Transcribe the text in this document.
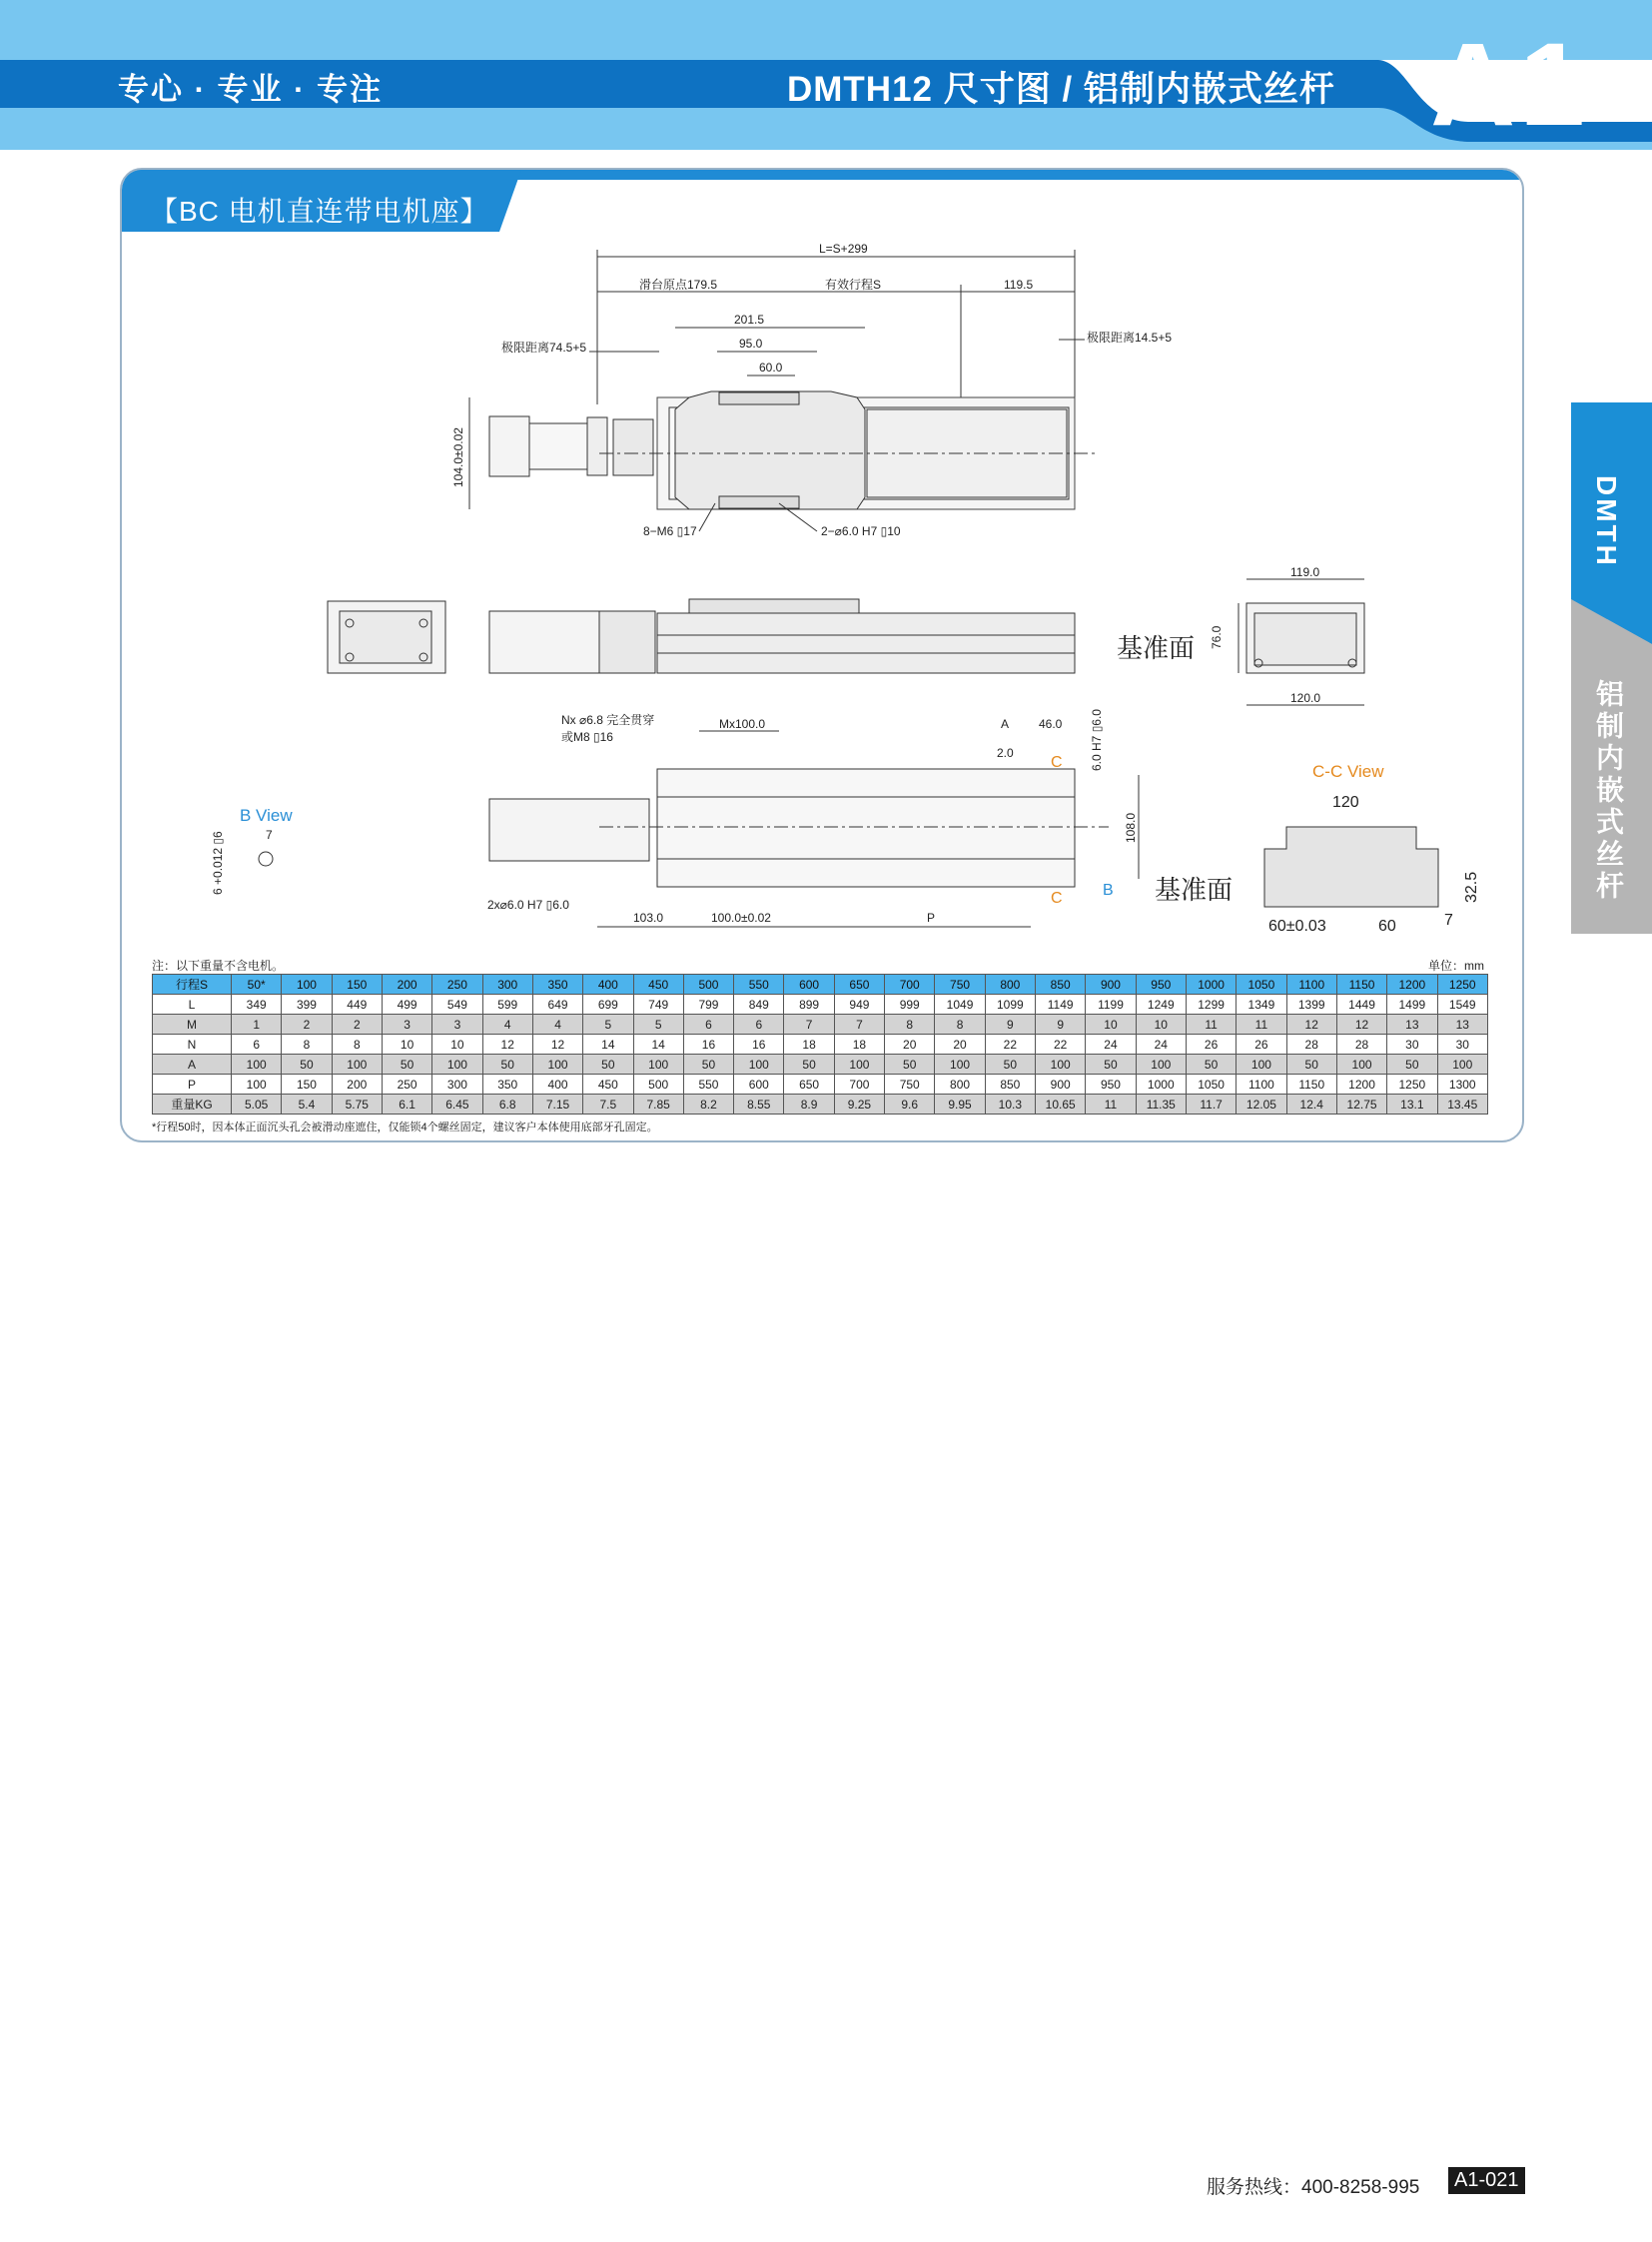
专心 · 专业 · 专注	DMTH12 尺寸图 / 铝制内嵌式丝杆 A1
DMTH
铝制内嵌式丝杆
【BC 电机直连带电机座】
L=S+299
滑台原点179.5	有效行程S	119.5
201.5
95.0
60.0
极限距离74.5+5
极限距离14.5+5
104.0±0.02
8−M6 ▯17	2−⌀6.0 H7 ▯10
基准面
119.0
76.0
120.0
Nx ⌀6.8 完全贯穿
或M8 ▯16
Mx100.0	A 46.0
2.0	6.0 H7 ▯6.0
108.0
C
C	B 基准面
2x⌀6.0 H7 ▯6.0
103.0	100.0±0.02	P
B View
7
6 +0.012 ▯6
C-C View
120
32.5
60±0.03	60	7
注：以下重量不含电机。	单位：mm
行程S	50*	100	150	200	250	300	350	400	450	500	550	600	650	700	750	800	850	900	950	1000	1050	1100	1150	1200	1250
L	349	399	449	499	549	599	649	699	749	799	849	899	949	999	1049	1099	1149	1199	1249	1299	1349	1399	1449	1499	1549
M	1	2	2	3	3	4	4	5	5	6	6	7	7	8	8	9	9	10	10	11	11	12	12	13	13
N	6	8	8	10	10	12	12	14	14	16	16	18	18	20	20	22	22	24	24	26	26	28	28	30	30
A	100	50	100	50	100	50	100	50	100	50	100	50	100	50	100	50	100	50	100	50	100	50	100	50	100
P	100	150	200	250	300	350	400	450	500	550	600	650	700	750	800	850	900	950	1000	1050	1100	1150	1200	1250	1300
重量KG	5.05	5.4	5.75	6.1	6.45	6.8	7.15	7.5	7.85	8.2	8.55	8.9	9.25	9.6	9.95	10.3	10.65	11	11.35	11.7	12.05	12.4	12.75	13.1	13.45
*行程50时，因本体正面沉头孔会被滑动座遮住，仅能锁4个螺丝固定，建议客户本体使用底部牙孔固定。
服务热线：400-8258-995	A1-021
